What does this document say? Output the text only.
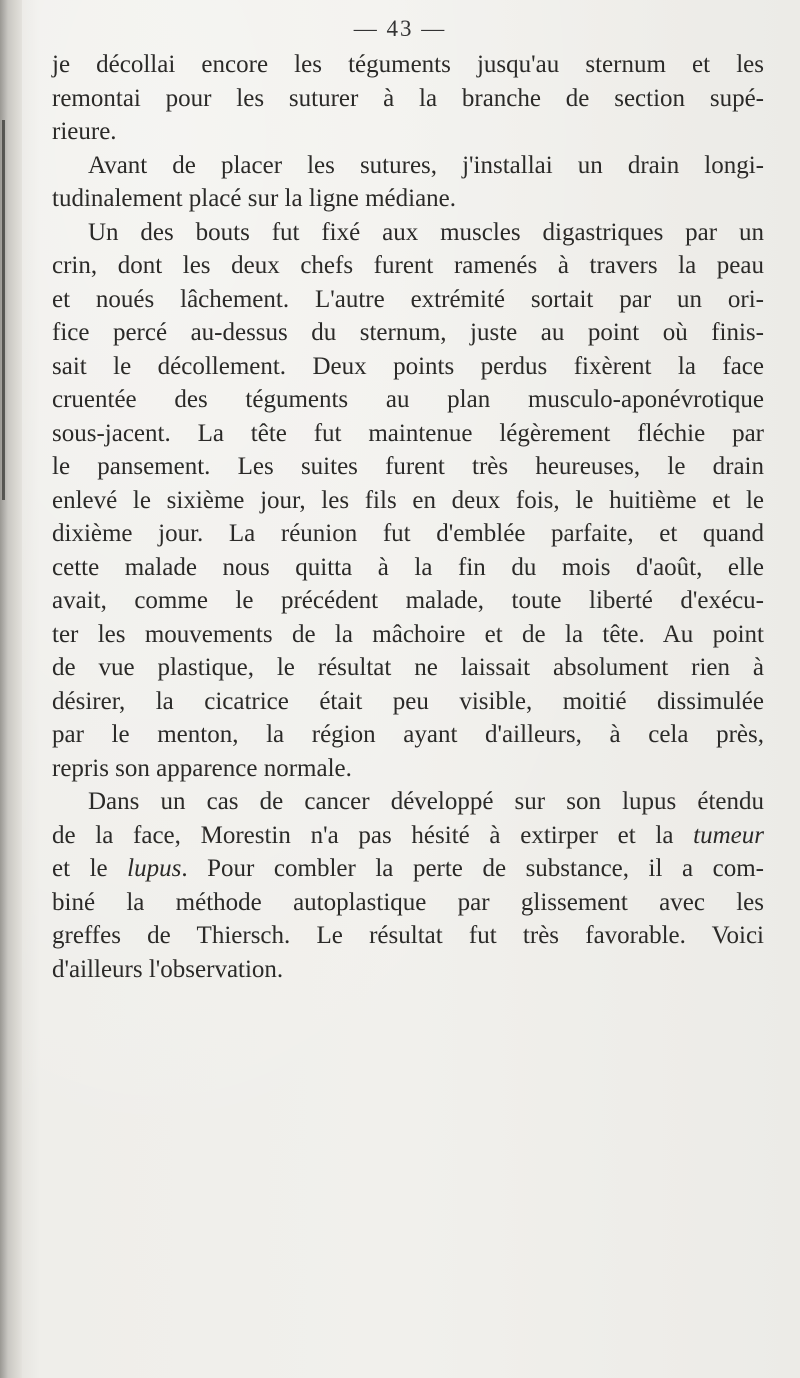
— 43 —
je décollai encore les téguments jusqu'au sternum et les
remontai pour les suturer à la branche de section supé-
rieure.
Avant de placer les sutures, j'installai un drain longi-
tudinalement placé sur la ligne médiane.
Un des bouts fut fixé aux muscles digastriques par un
crin, dont les deux chefs furent ramenés à travers la peau
et noués lâchement. L'autre extrémité sortait par un ori-
fice percé au-dessus du sternum, juste au point où finis-
sait le décollement. Deux points perdus fixèrent la face
cruentée des téguments au plan musculo-aponévrotique
sous-jacent. La tête fut maintenue légèrement fléchie par
le pansement. Les suites furent très heureuses, le drain
enlevé le sixième jour, les fils en deux fois, le huitième et le
dixième jour. La réunion fut d'emblée parfaite, et quand
cette malade nous quitta à la fin du mois d'août, elle
avait, comme le précédent malade, toute liberté d'exécu-
ter les mouvements de la mâchoire et de la tête. Au point
de vue plastique, le résultat ne laissait absolument rien à
désirer, la cicatrice était peu visible, moitié dissimulée
par le menton, la région ayant d'ailleurs, à cela près,
repris son apparence normale.
Dans un cas de cancer développé sur son lupus étendu
de la face, Morestin n'a pas hésité à extirper et la tumeur
et le lupus. Pour combler la perte de substance, il a com-
biné la méthode autoplastique par glissement avec les
greffes de Thiersch. Le résultat fut très favorable. Voici
d'ailleurs l'observation.
